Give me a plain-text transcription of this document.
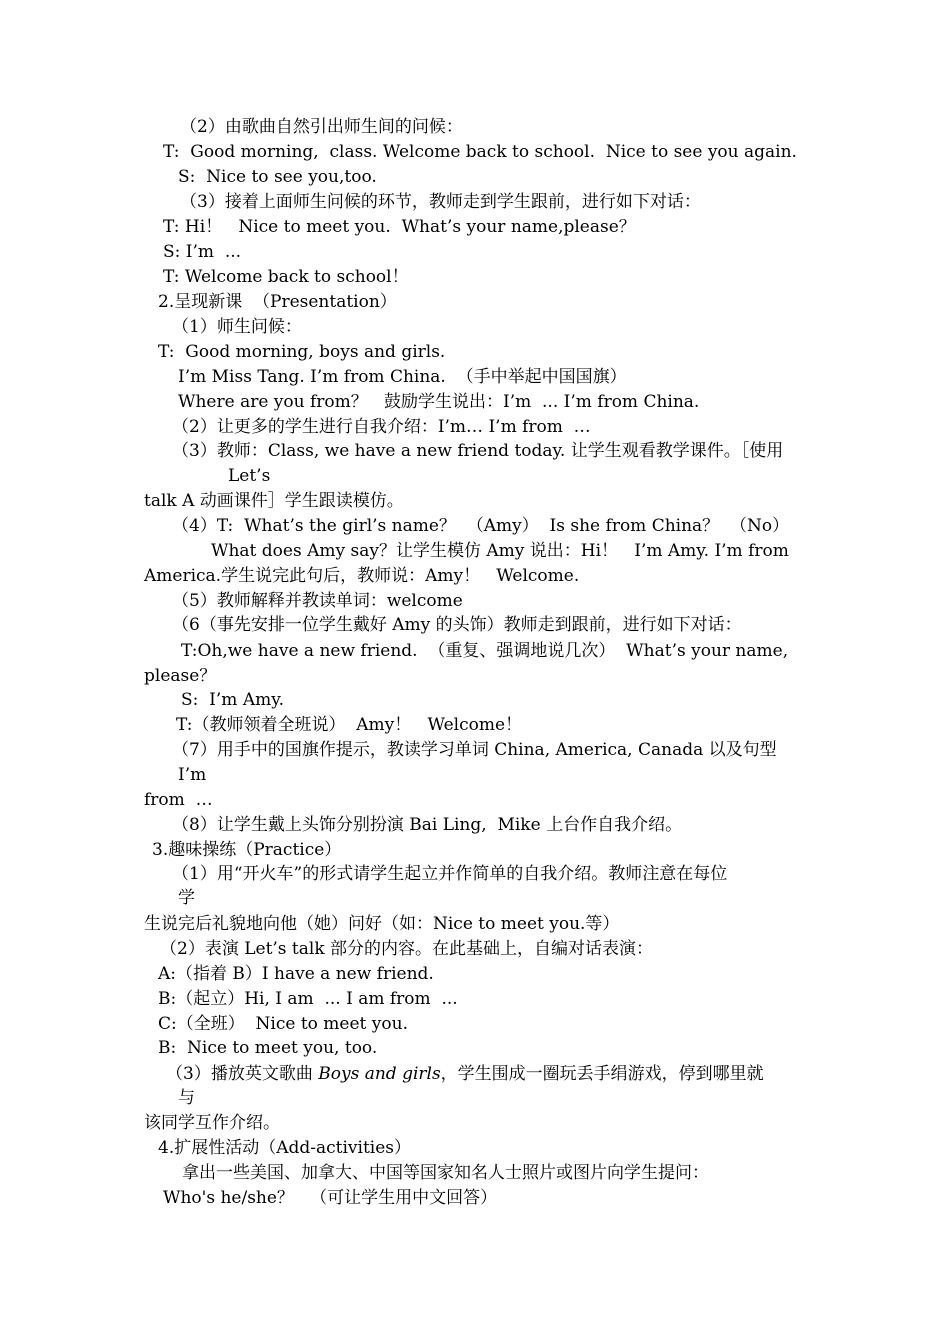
（2）由歌曲自然引出师生间的问候：
T:  Good morning,  class. Welcome back to school.  Nice to see you again.
S:  Nice to see you,too.
（3）接着上面师生问候的环节，教师走到学生跟前，进行如下对话：
T: Hi！   Nice to meet you.  What’s your name,please？
S: I’m  ...
T: Welcome back to school！
2.呈现新课  （Presentation）
（1）师生问候：
T:  Good morning, boys and girls.
I’m Miss Tang. I’m from China.  （手中举起中国国旗）
Where are you from？   鼓励学生说出：I’m  ... I’m from China.
（2）让更多的学生进行自我介绍：I’m… I’m from  …
（3）教师：Class, we have a new friend today. 让学生观看教学课件。［使用
Let’s
talk A 动画课件］学生跟读模仿。
（4）T:  What’s the girl’s name？  （Amy）  Is she from China？  （No）
What does Amy say？让学生模仿 Amy 说出：Hi！   I’m Amy. I’m from
America.学生说完此句后，教师说：Amy！   Welcome.
（5）教师解释并教读单词：welcome
（6（事先安排一位学生戴好 Amy 的头饰）教师走到跟前，进行如下对话：
T:Oh,we have a new friend.  （重复、强调地说几次）  What’s your name,
please？
S:  I’m Amy.
T:（教师领着全班说）  Amy！   Welcome！
（7）用手中的国旗作提示，教读学习单词 China, America, Canada 以及句型
I’m
from  …
（8）让学生戴上头饰分别扮演 Bai Ling,  Mike 上台作自我介绍。
3.趣味操练（Practice）
（1）用“开火车”的形式请学生起立并作简单的自我介绍。教师注意在每位
学
生说完后礼貌地向他（她）问好（如：Nice to meet you.等）
（2）表演 Let’s talk 部分的内容。在此基础上，自编对话表演：
A:（指着 B）I have a new friend.
B:（起立）Hi, I am  ... I am from  ...
C:（全班）  Nice to meet you.
B:  Nice to meet you, too.
（3）播放英文歌曲 Boys and girls，学生围成一圈玩丢手绢游戏，停到哪里就
与
该同学互作介绍。
4.扩展性活动（Add-activities）
拿出一些美国、加拿大、中国等国家知名人士照片或图片向学生提问：
Who's he/she？   （可让学生用中文回答）
